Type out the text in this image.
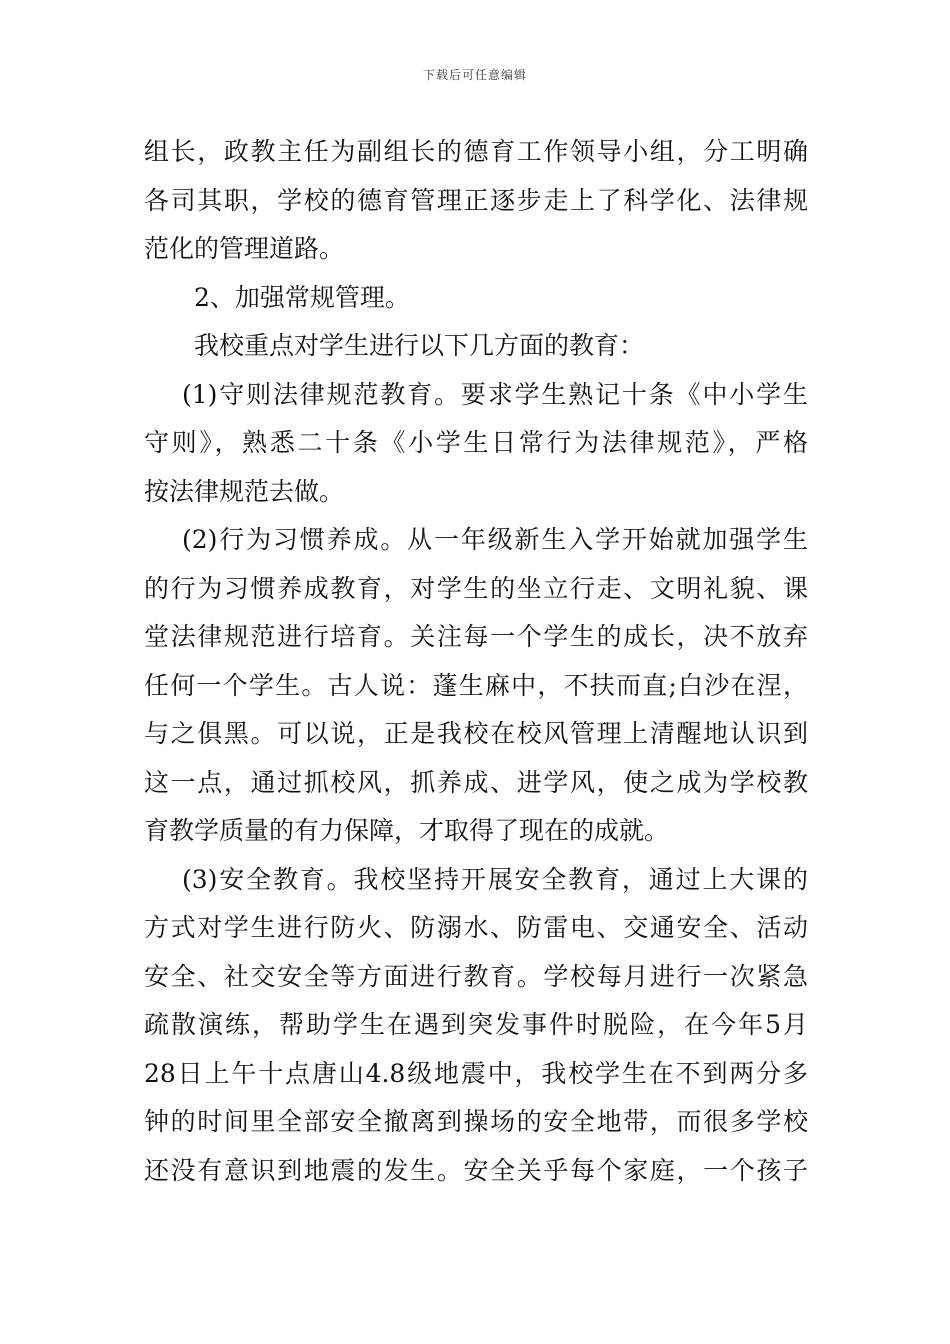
下载后可任意编辑
组长，政教主任为副组长的德育工作领导小组，分工明确
各司其职，学校的德育管理正逐步走上了科学化、法律规
范化的管理道路。
2、加强常规管理。
我校重点对学生进行以下几方面的教育：
(1)守则法律规范教育。要求学生熟记十条《中小学生
守则》，熟悉二十条《小学生日常行为法律规范》，严格
按法律规范去做。
(2)行为习惯养成。从一年级新生入学开始就加强学生
的行为习惯养成教育，对学生的坐立行走、文明礼貌、课
堂法律规范进行培育。关注每一个学生的成长，决不放弃
任何一个学生。古人说：蓬生麻中，不扶而直;白沙在涅，
与之俱黑。可以说，正是我校在校风管理上清醒地认识到
这一点，通过抓校风，抓养成、进学风，使之成为学校教
育教学质量的有力保障，才取得了现在的成就。
(3)安全教育。我校坚持开展安全教育，通过上大课的
方式对学生进行防火、防溺水、防雷电、交通安全、活动
安全、社交安全等方面进行教育。学校每月进行一次紧急
疏散演练，帮助学生在遇到突发事件时脱险，在今年5月
28日上午十点唐山4.8级地震中，我校学生在不到两分多
钟的时间里全部安全撤离到操场的安全地带，而很多学校
还没有意识到地震的发生。安全关乎每个家庭，一个孩子
